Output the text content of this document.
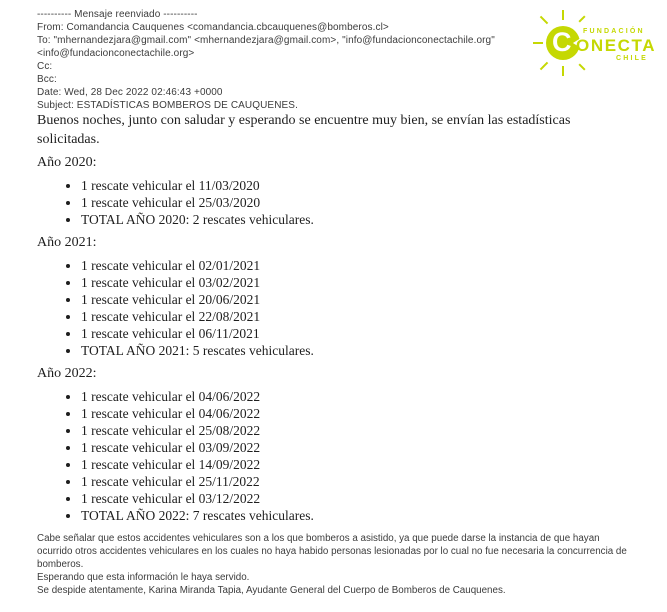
---------- Mensaje reenviado ----------
From: Comandancia Cauquenes <comandancia.cbcauquenes@bomberos.cl>
To: "mhernandezjara@gmail.com" <mhernandezjara@gmail.com>, "info@fundacionconectachile.org"
<info@fundacionconectachile.org>
Cc:
Bcc:
Date: Wed, 28 Dec 2022 02:46:43 +0000
Subject: ESTADÍSTICAS BOMBEROS DE CAUQUENES.

Buenos noches, junto con saludar y esperando se encuentre muy bien, se envían las estadísticas solicitadas.

Año 2020:
• 1 rescate vehicular el 11/03/2020
• 1 rescate vehicular el 25/03/2020
• TOTAL AÑO 2020: 2 rescates vehiculares.
Año 2021:
• 1 rescate vehicular el 02/01/2021
• 1 rescate vehicular el 03/02/2021
• 1 rescate vehicular el 20/06/2021
• 1 rescate vehicular el 22/08/2021
• 1 rescate vehicular el 06/11/2021
• TOTAL AÑO 2021: 5 rescates vehiculares.
Año 2022:
• 1 rescate vehicular el 04/06/2022
• 1 rescate vehicular el 04/06/2022
• 1 rescate vehicular el 25/08/2022
• 1 rescate vehicular el 03/09/2022
• 1 rescate vehicular el 14/09/2022
• 1 rescate vehicular el 25/11/2022
• 1 rescate vehicular el 03/12/2022
• TOTAL AÑO 2022: 7 rescates vehiculares.

Cabe señalar que estos accidentes vehiculares son a los que bomberos a asistido, ya que puede darse la instancia de que hayan ocurrido otros accidentes vehiculares en los cuales no haya habido personas lesionadas por lo cual no fue necesaria la concurrencia de bomberos.

Esperando que esta información le haya servido.

Se despide atentamente, Karina Miranda Tapia, Ayudante General del Cuerpo de Bomberos de Cauquenes.

C FUNDACIÓN
ONECTA
CHILE
